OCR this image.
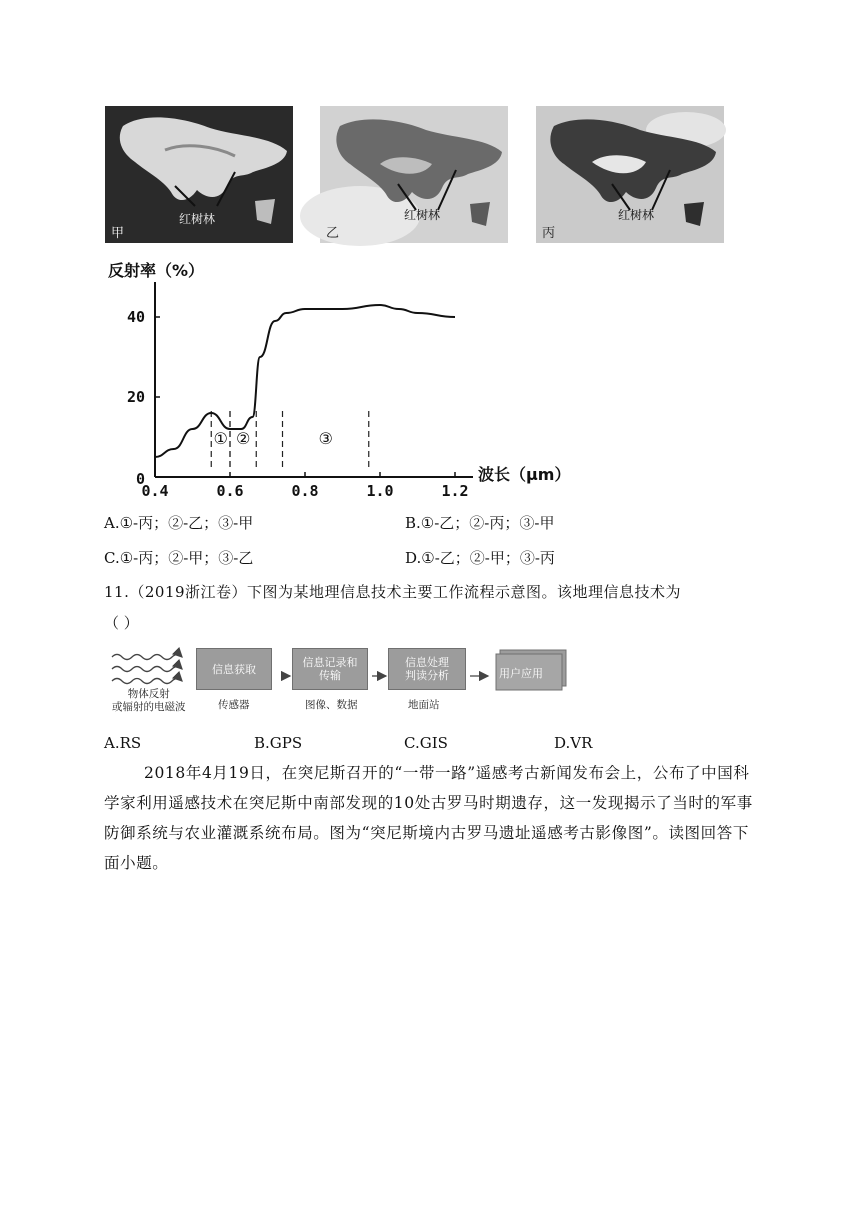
红树林
甲
红树林
乙
红树林
丙
反射率（%）
波长（μm）
① ②	③
0.4	0.6	0.8	1.0	1.2
0
20
40
A.①-丙；②-乙；③-甲	B.①-乙；②-丙；③-甲
C.①-丙；②-甲；③-乙	D.①-乙；②-甲；③-丙
11.（2019浙江卷）下图为某地理信息技术主要工作流程示意图。该地理信息技术为
（ ）
物体反射
或辐射的电磁波
信息获取	信息记录和
传输
信息处理
判读分析	用户应用
传感器	图像、数据	地面站
A.RS	B.GPS	C.GIS	D.VR
2018年4月19日，在突尼斯召开的“一带一路”遥感考古新闻发布会上，公布了中国科学家利用遥感技术在突尼斯中南部发现的10处古罗马时期遗存，这一发现揭示了当时的军事防御系统与农业灌溉系统布局。图为“突尼斯境内古罗马遗址遥感考古影像图”。读图回答下面小题。
